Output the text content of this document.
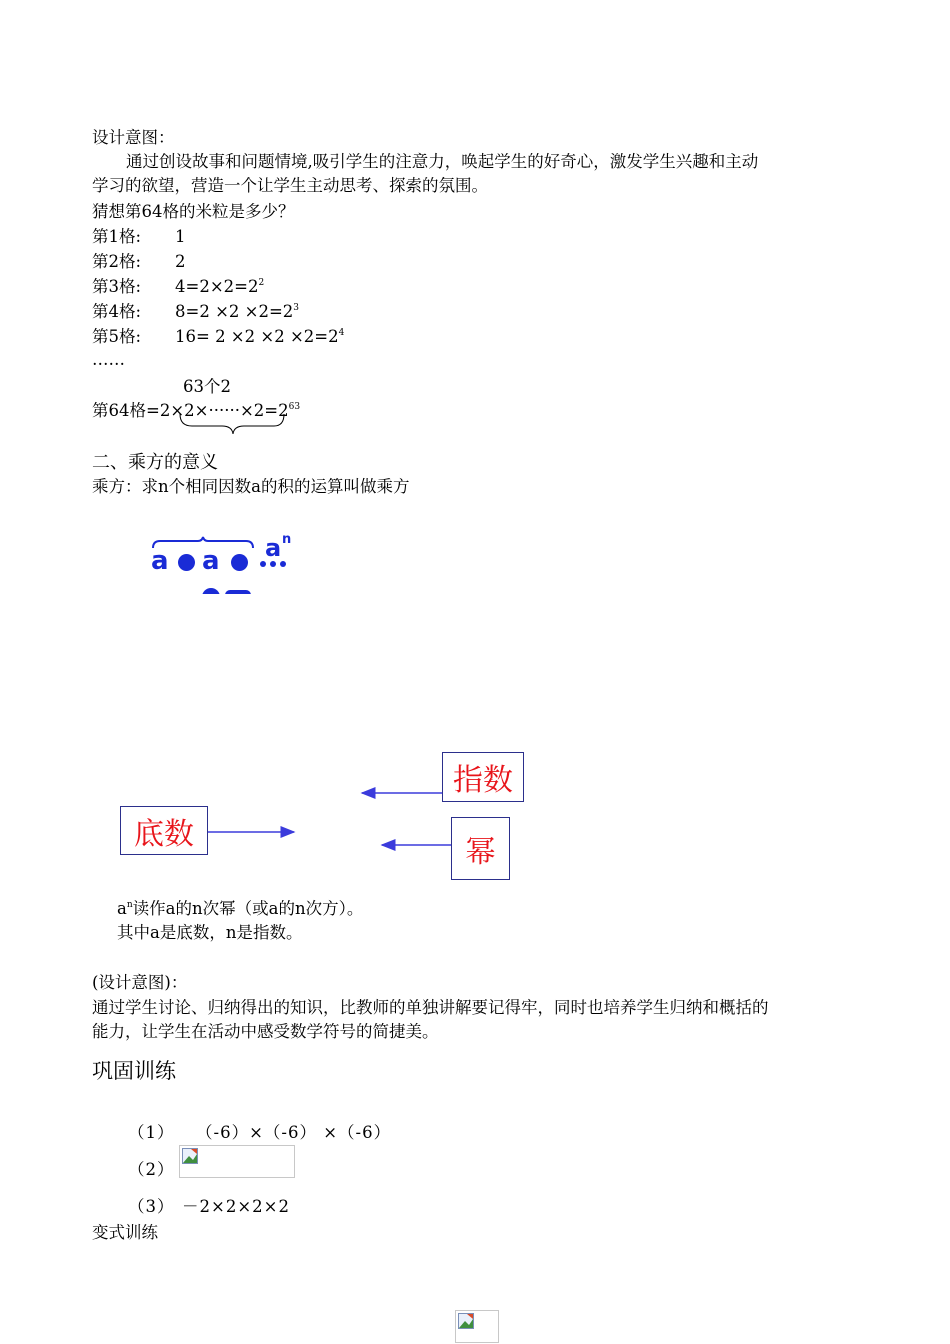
设计意图：
通过创设故事和问题情境,吸引学生的注意力，唤起学生的好奇心，激发学生兴趣和主动
学习的欲望，营造一个让学生主动思考、探索的氛围。
猜想第64格的米粒是多少？
第1格: 1
第2格: 2
第3格: $4=2\times 2=2^2$
第4格: $8=2 \times 2 \times 2=2^3$
第5格: $16= 2 \times 2 \times 2 \times 2=2^4$
……
63个2
第64格$=2\times 2\times\cdot\cdot\cdot\cdot\cdot\cdot\times 2=2^{63}$
二、乘方的意义
乘方：求n个相同因数a的积的运算叫做乘方
a a a n
指数
底数
幂
$a^n$读作a的n次幂（或a的n次方）。
其中a是底数，n是指数。
(设计意图)：
通过学生讨论、归纳得出的知识，比教师的单独讲解要记得牢，同时也培养学生归纳和概括的
能力，让学生在活动中感受数学符号的简捷美。
巩固训练
（1） （-6）×（-6） ×（-6）
（2）
（3） －2×2×2×2
变式训练
